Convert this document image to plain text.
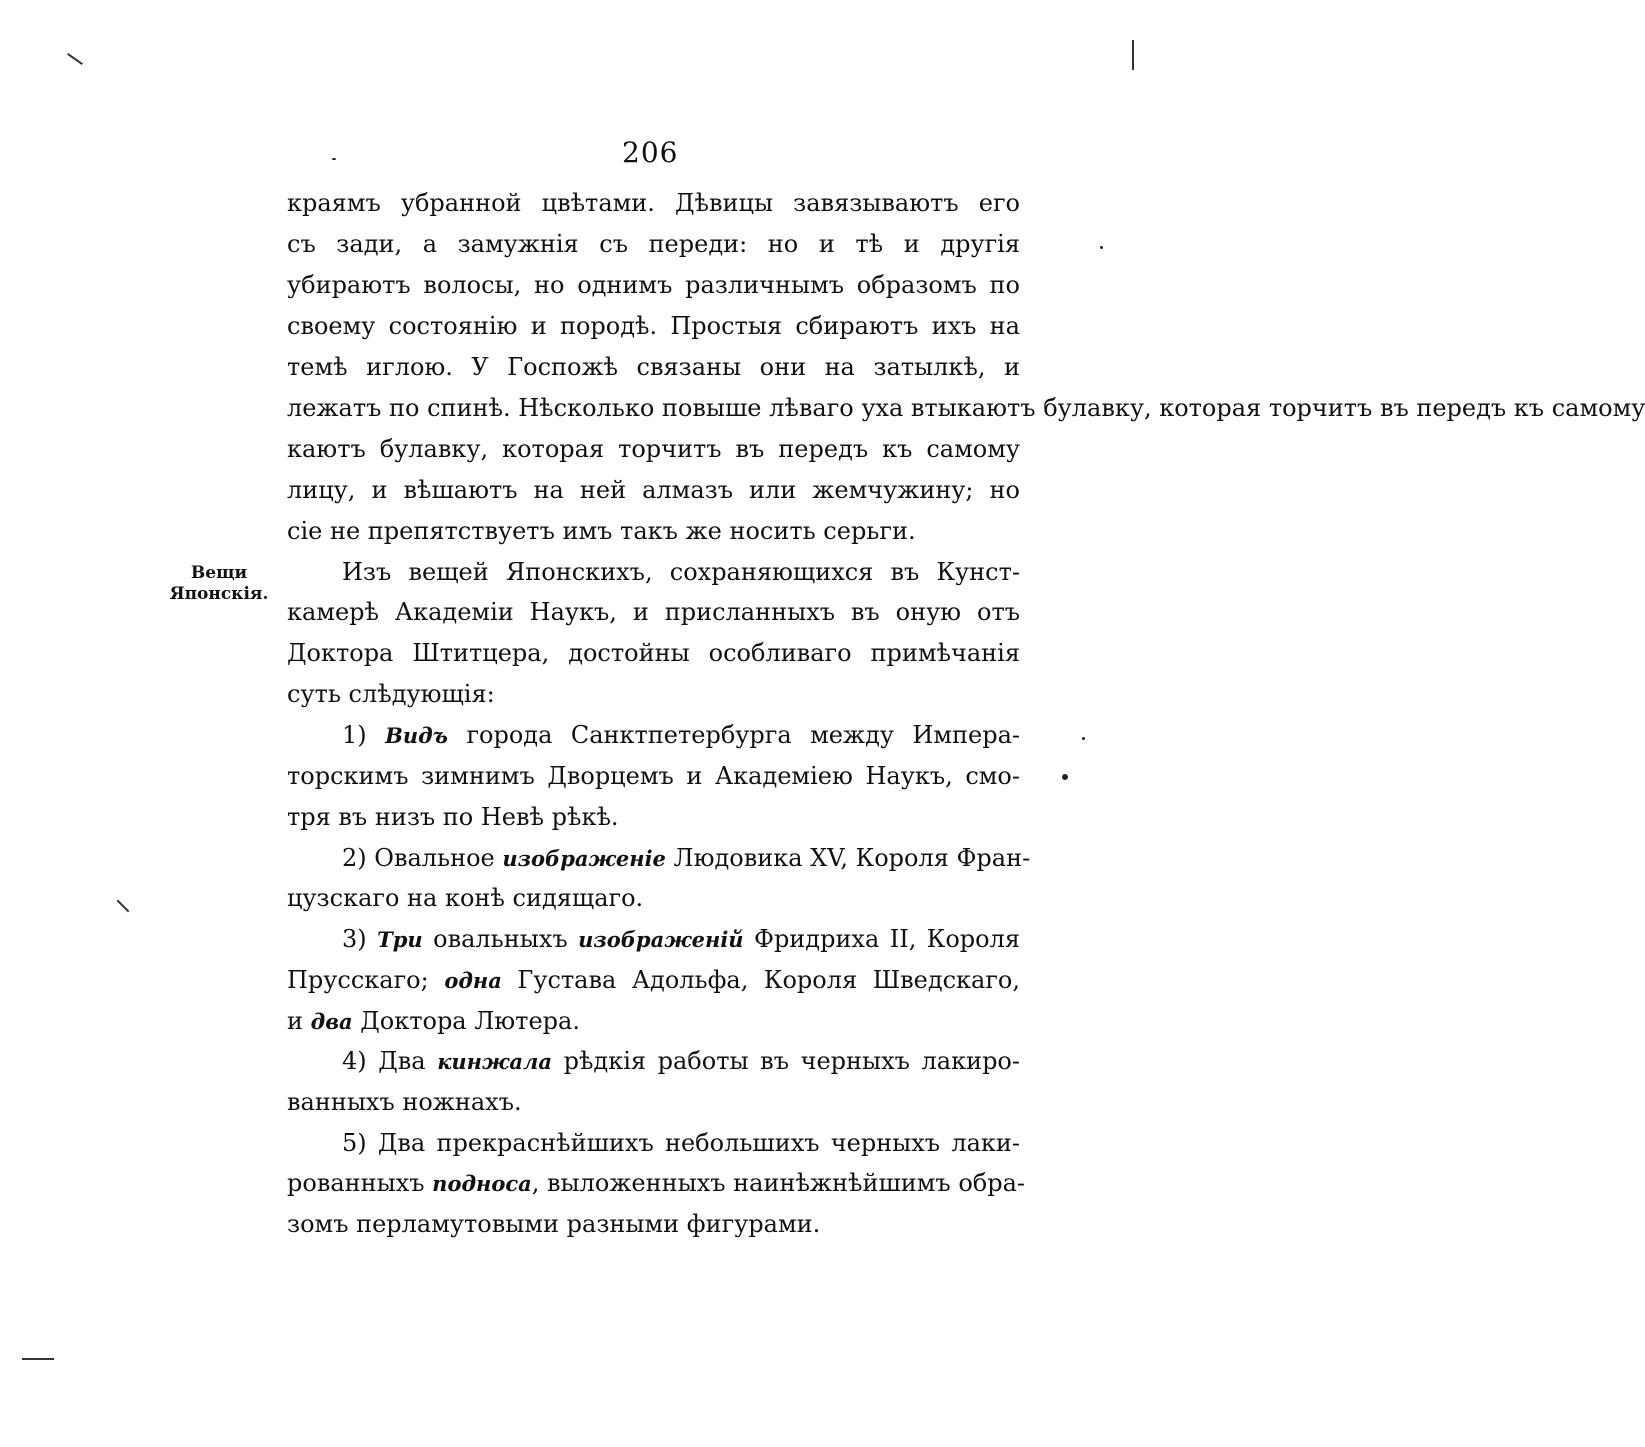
206
Вещи
Японскія.
краямъ убранной цвѣтами. Дѣвицы завязываютъ его
съ зади, а замужнія съ переди: но и тѣ и другія
убираютъ волосы, но однимъ различнымъ образомъ по
своему состоянію и породѣ. Простыя сбираютъ ихъ на
темѣ иглою. У Госпожѣ связаны они на затылкѣ, и
лежатъ по спинѣ. Нѣсколько повыше лѣваго уха втыкаютъ булавку, которая торчитъ въ передъ къ самому
каютъ булавку, которая торчитъ въ передъ къ самому
лицу, и вѣшаютъ на ней алмазъ или жемчужину; но
сіе не препятствуетъ имъ такъ же носить серьги.
Изъ вещей Японскихъ, сохраняющихся въ Кунст-
камерѣ Академіи Наукъ, и присланныхъ въ оную отъ
Доктора Штитцера, достойны особливаго примѣчанія
суть слѣдующія:
1) Видъ города Санктпетербурга между Импера-
торскимъ зимнимъ Дворцемъ и Академіею Наукъ, смо-
тря въ низъ по Невѣ рѣкѣ.
2) Овальное изображеніе Людовика XV, Короля Фран-
цузскаго на конѣ сидящаго.
3) Три овальныхъ изображеній Фридриха II, Короля
Прусскаго; одна Густава Адольфа, Короля Шведскаго,
и два Доктора Лютера.
4) Два кинжала рѣдкія работы въ черныхъ лакиро-
ванныхъ ножнахъ.
5) Два прекраснѣйшихъ небольшихъ черныхъ лаки-
рованныхъ подноса, выложенныхъ наинѣжнѣйшимъ обра-
зомъ перламутовыми разными фигурами.
